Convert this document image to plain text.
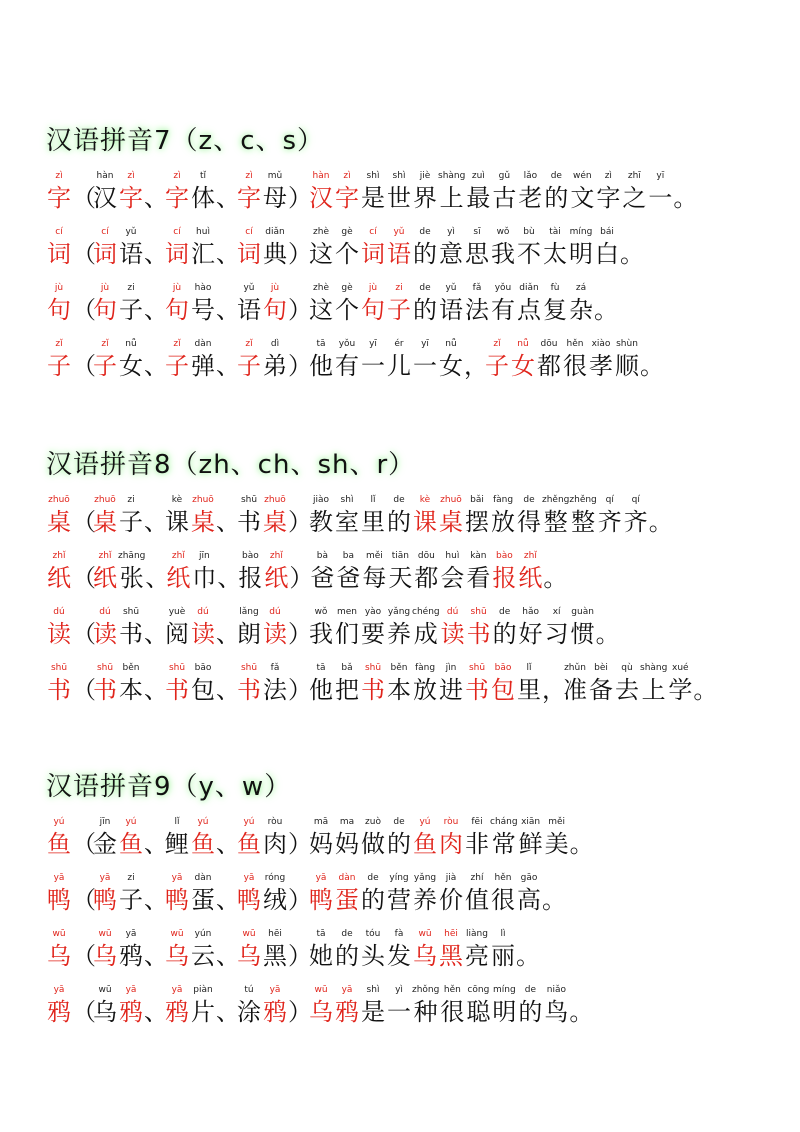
汉语拼音7（z、c、s）
zì
字 （
hàn
汉
zì
字 、
zì
字
tǐ
体 、
zì
字
mǔ
母 ）
hàn
汉
zì
字
shì
是
shì
世
jiè
界
shàng
上
zuì
最
gǔ
古
lǎo
老
de
的
wén
文
zì
字
zhī
之
yī
一 。
cí
词 （
cí
词
yǔ
语 、
cí
词
huì
汇 、
cí
词
diǎn
典 ）
zhè
这
gè
个
cí
词
yǔ
语
de
的
yì
意
sī
思
wǒ
我
bù
不
tài
太
míng
明
bái
白 。
jù
句 （
jù
句
zi
子 、
jù
句
hào
号 、
yǔ
语
jù
句 ）
zhè
这
gè
个
jù
句
zi
子
de
的
yǔ
语
fǎ
法
yǒu
有
diǎn
点
fù
复
zá
杂 。
zǐ
子 （
zǐ
子
nǚ
女 、
zǐ
子
dàn
弹 、
zǐ
子
dì
弟 ）
tā
他
yǒu
有
yī
一
ér
儿
yī
一
nǚ
女 ，
zǐ
子
nǚ
女
dōu
都
hěn
很
xiào
孝
shùn
顺 。
汉语拼音8（zh、ch、sh、r）
zhuō
桌 （
zhuō
桌
zi
子 、
kè
课
zhuō
桌 、
shū
书
zhuō
桌 ）
jiào
教
shì
室
lǐ
里
de
的
kè
课
zhuō
桌
bǎi
摆
fàng
放
de
得
zhěng
整
zhěng
整
qí
齐
qí
齐 。
zhǐ
纸 （
zhǐ
纸
zhāng
张 、
zhǐ
纸
jīn
巾 、
bào
报
zhǐ
纸 ）
bà
爸
ba
爸
měi
每
tiān
天
dōu
都
huì
会
kàn
看
bào
报
zhǐ
纸 。
dú
读 （
dú
读
shū
书 、
yuè
阅
dú
读 、
lǎng
朗
dú
读 ）
wǒ
我
men
们
yào
要
yǎng
养
chéng
成
dú
读
shū
书
de
的
hǎo
好
xí
习
guàn
惯 。
shū
书 （
shū
书
běn
本 、
shū
书
bāo
包 、
shū
书
fǎ
法 ）
tā
他
bǎ
把
shū
书
běn
本
fàng
放
jìn
进
shū
书
bāo
包
lǐ
里 ，
zhǔn
准
bèi
备
qù
去
shàng
上
xué
学 。
汉语拼音9（y、w）
yú
鱼 （
jīn
金
yú
鱼 、
lǐ
鲤
yú
鱼 、
yú
鱼
ròu
肉 ）
mā
妈
ma
妈
zuò
做
de
的
yú
鱼
ròu
肉
fēi
非
cháng
常
xiān
鲜
měi
美 。
yā
鸭 （
yā
鸭
zi
子 、
yā
鸭
dàn
蛋 、
yā
鸭
róng
绒 ）
yā
鸭
dàn
蛋
de
的
yíng
营
yǎng
养
jià
价
zhí
值
hěn
很
gāo
高 。
wū
乌 （
wū
乌
yā
鸦 、
wū
乌
yún
云 、
wū
乌
hēi
黑 ）
tā
她
de
的
tóu
头
fà
发
wū
乌
hēi
黑
liàng
亮
lì
丽 。
yā
鸦 （
wū
乌
yā
鸦 、
yā
鸦
piàn
片 、
tú
涂
yā
鸦 ）
wū
乌
yā
鸦
shì
是
yì
一
zhǒng
种
hěn
很
cōng
聪
míng
明
de
的
niǎo
鸟 。
